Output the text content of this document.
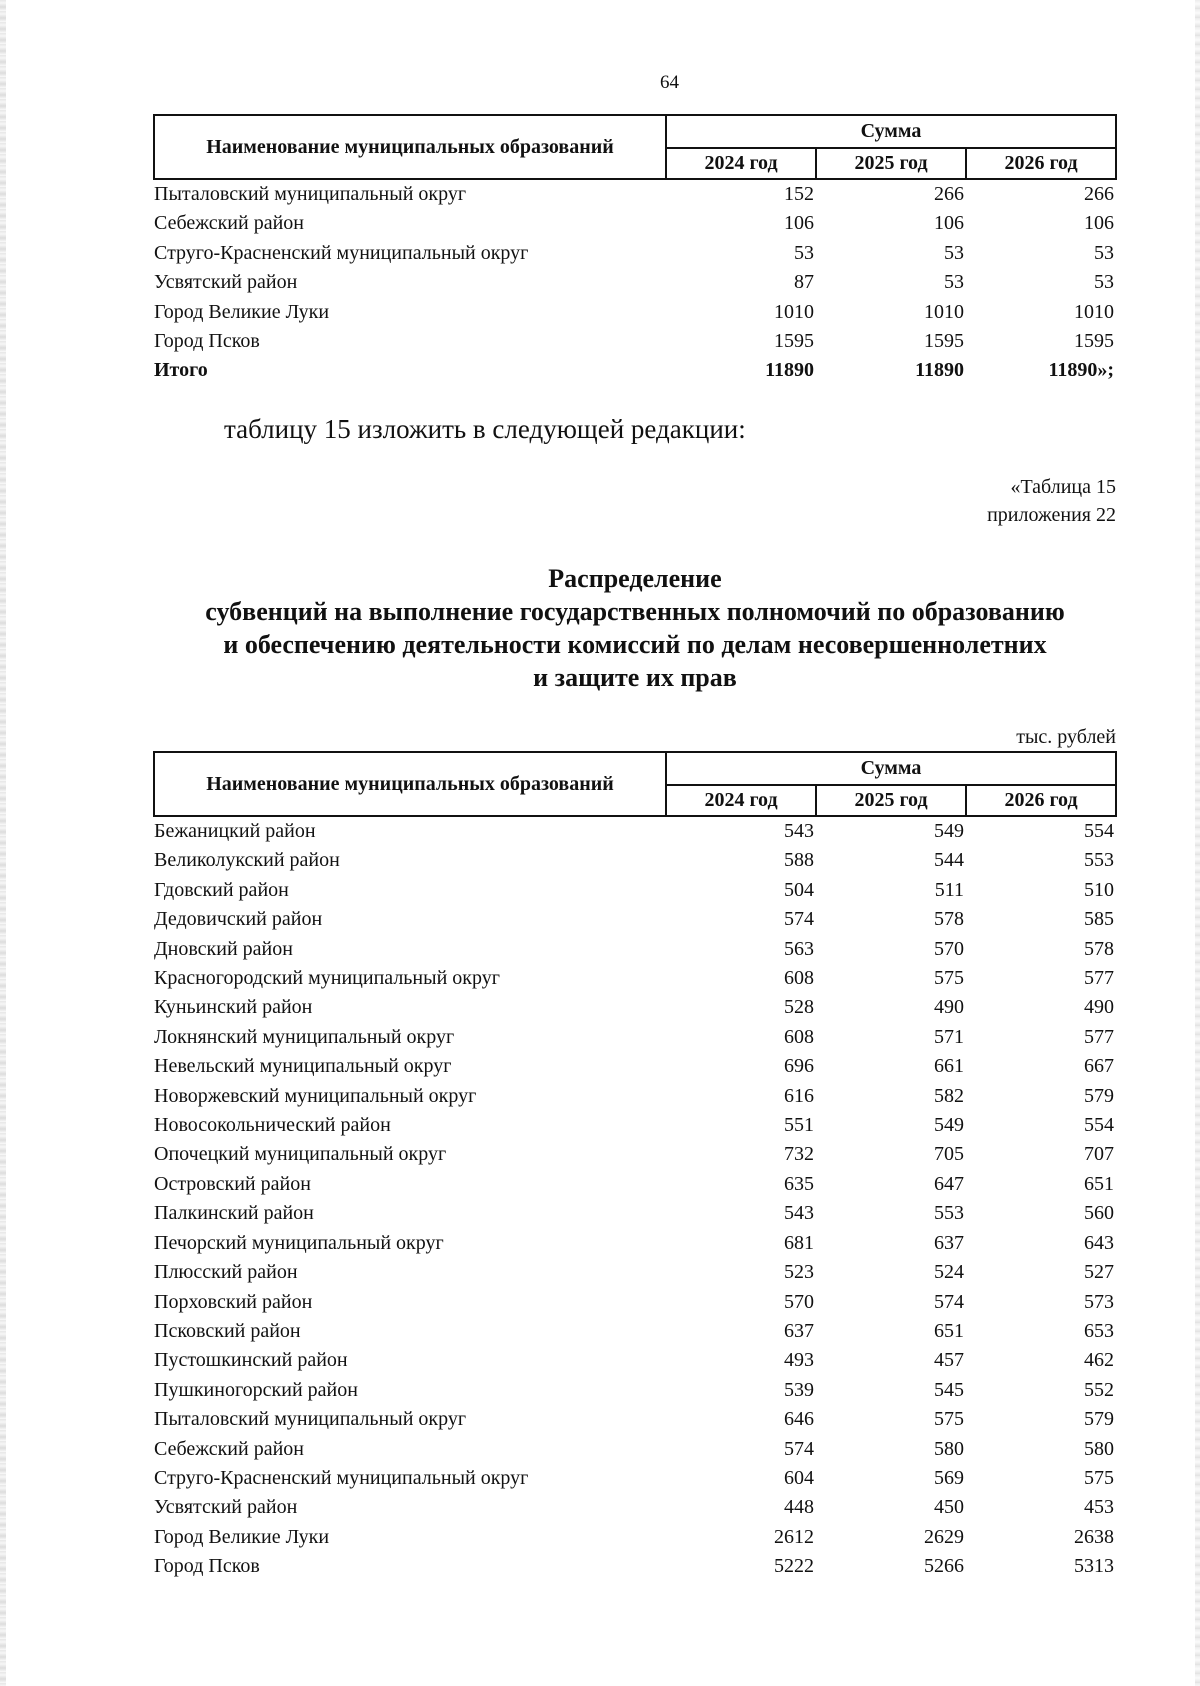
64
Наименование муниципальных образований	Сумма		
	2024 год	2025 год	2026 год
Пыталовский муниципальный округ	152	266	266
Себежский район	106	106	106
Струго-Красненский муниципальный округ	53	53	53
Усвятский район	87	53	53
Город Великие Луки	1010	1010	1010
Город Псков	1595	1595	1595
Итого	11890	11890	11890»;

таблицу 15 изложить в следующей редакции:

«Таблица 15
приложения 22
Распределение
субвенций на выполнение государственных полномочий по образованию
и обеспечению деятельности комиссий по делам несовершеннолетних
и защите их прав
тыс. рублей
Наименование муниципальных образований	Сумма		
	2024 год	2025 год	2026 год
Бежаницкий район	543	549	554
Великолукский район	588	544	553
Гдовский район	504	511	510
Дедовичский район	574	578	585
Дновский район	563	570	578
Красногородский муниципальный округ	608	575	577
Куньинский район	528	490	490
Локнянский муниципальный округ	608	571	577
Невельский муниципальный округ	696	661	667
Новоржевский муниципальный округ	616	582	579
Новосокольнический район	551	549	554
Опочецкий муниципальный округ	732	705	707
Островский район	635	647	651
Палкинский район	543	553	560
Печорский муниципальный округ	681	637	643
Плюсский район	523	524	527
Порховский район	570	574	573
Псковский район	637	651	653
Пустошкинский район	493	457	462
Пушкиногорский район	539	545	552
Пыталовский муниципальный округ	646	575	579
Себежский район	574	580	580
Струго-Красненский муниципальный округ	604	569	575
Усвятский район	448	450	453
Город Великие Луки	2612	2629	2638
Город Псков	5222	5266	5313
